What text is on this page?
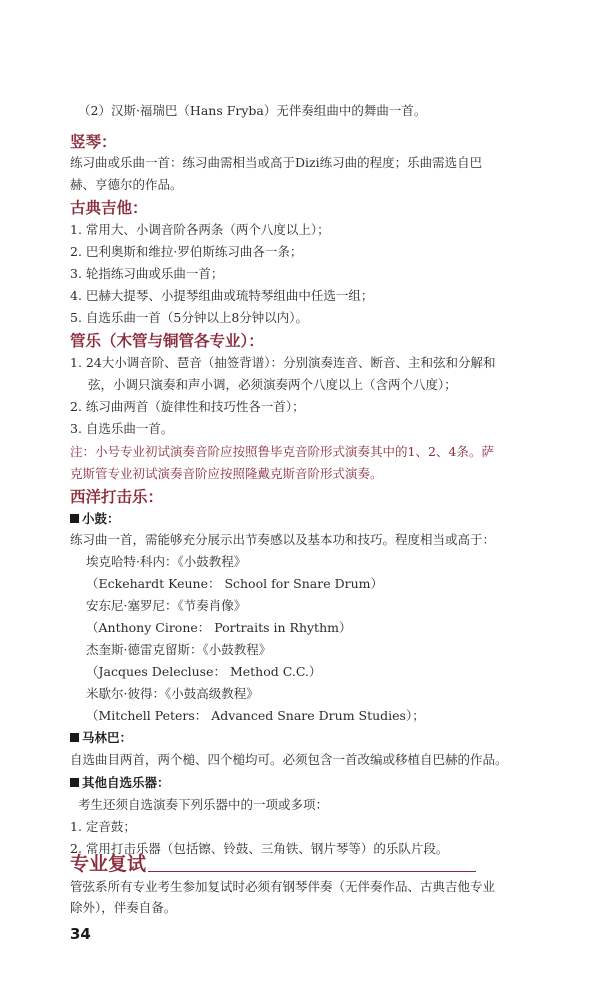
（2）汉斯·福瑞巴（Hans Fryba）无伴奏组曲中的舞曲一首。
竖琴：
练习曲或乐曲一首：练习曲需相当或高于Dizi练习曲的程度；乐曲需选自巴
赫、亨德尔的作品。
古典吉他：
1. 常用大、小调音阶各两条（两个八度以上）；
2. 巴利奥斯和维拉·罗伯斯练习曲各一条；
3. 轮指练习曲或乐曲一首；
4. 巴赫大提琴、小提琴组曲或琉特琴组曲中任选一组；
5. 自选乐曲一首（5分钟以上8分钟以内）。
管乐（木管与铜管各专业）：
1. 24大小调音阶、琶音（抽签背谱）：分别演奏连音、断音、主和弦和分解和
弦，小调只演奏和声小调，必须演奏两个八度以上（含两个八度）；
2. 练习曲两首（旋律性和技巧性各一首）；
3. 自选乐曲一首。
注：小号专业初试演奏音阶应按照鲁毕克音阶形式演奏其中的1、2、4条。萨
克斯管专业初试演奏音阶应按照隆戴克斯音阶形式演奏。
西洋打击乐：
小鼓：
练习曲一首，需能够充分展示出节奏感以及基本功和技巧。程度相当或高于：
埃克哈特·科内：《小鼓教程》
（Eckehardt Keune： School for Snare Drum）
安东尼·塞罗尼：《节奏肖像》
（Anthony Cirone： Portraits in Rhythm）
杰奎斯·德雷克留斯：《小鼓教程》
（Jacques Delecluse： Method C.C.）
米歇尔·彼得：《小鼓高级教程》
（Mitchell Peters： Advanced Snare Drum Studies）；
马林巴：
自选曲目两首，两个槌、四个槌均可。必须包含一首改编或移植自巴赫的作品。
其他自选乐器：
考生还须自选演奏下列乐器中的一项或多项：
1. 定音鼓；
2. 常用打击乐器（包括镲、铃鼓、三角铁、钢片琴等）的乐队片段。
专业复试
管弦系所有专业考生参加复试时必须有钢琴伴奏（无伴奏作品、古典吉他专业
除外），伴奏自备。
34
